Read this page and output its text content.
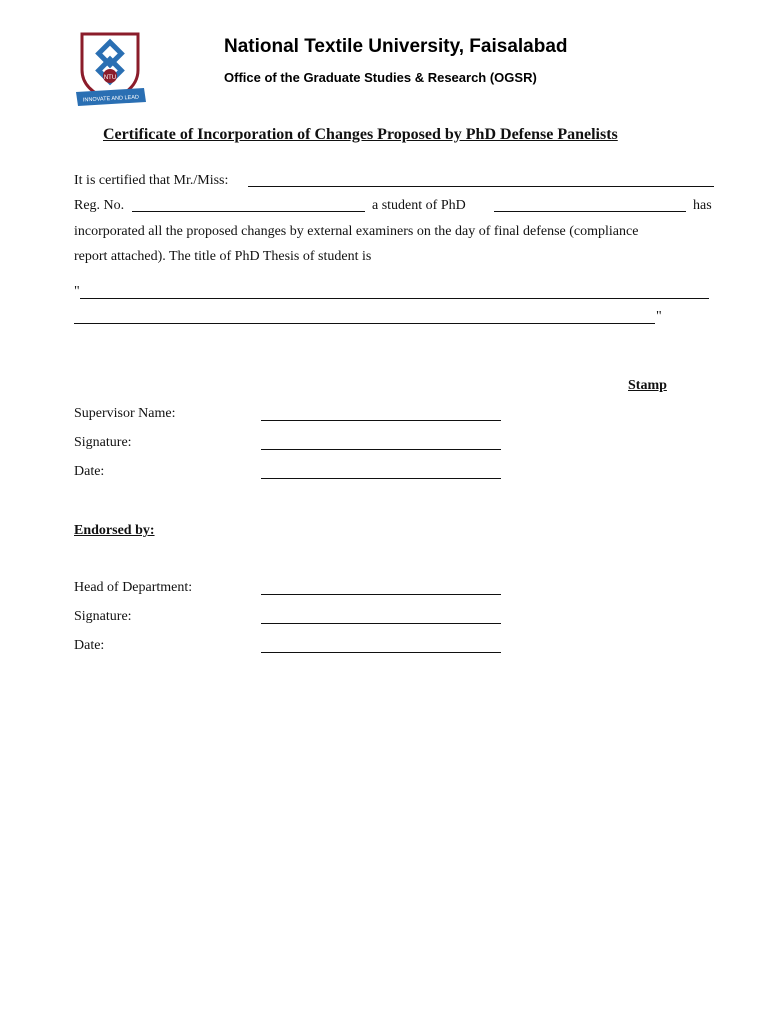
NTU
INNOVATE AND LEAD
National Textile University, Faisalabad
Office of the Graduate Studies & Research (OGSR)
Certificate of Incorporation of Changes Proposed by PhD Defense Panelists
It is certified that Mr./Miss:
Reg. No.	a student of PhD	has
incorporated all the proposed changes by external examiners on the day of final defense (compliance
report attached). The title of PhD Thesis of student is
"
"
Stamp
Supervisor Name:
Signature:
Date:
Endorsed by:
Head of Department:
Signature:
Date:
